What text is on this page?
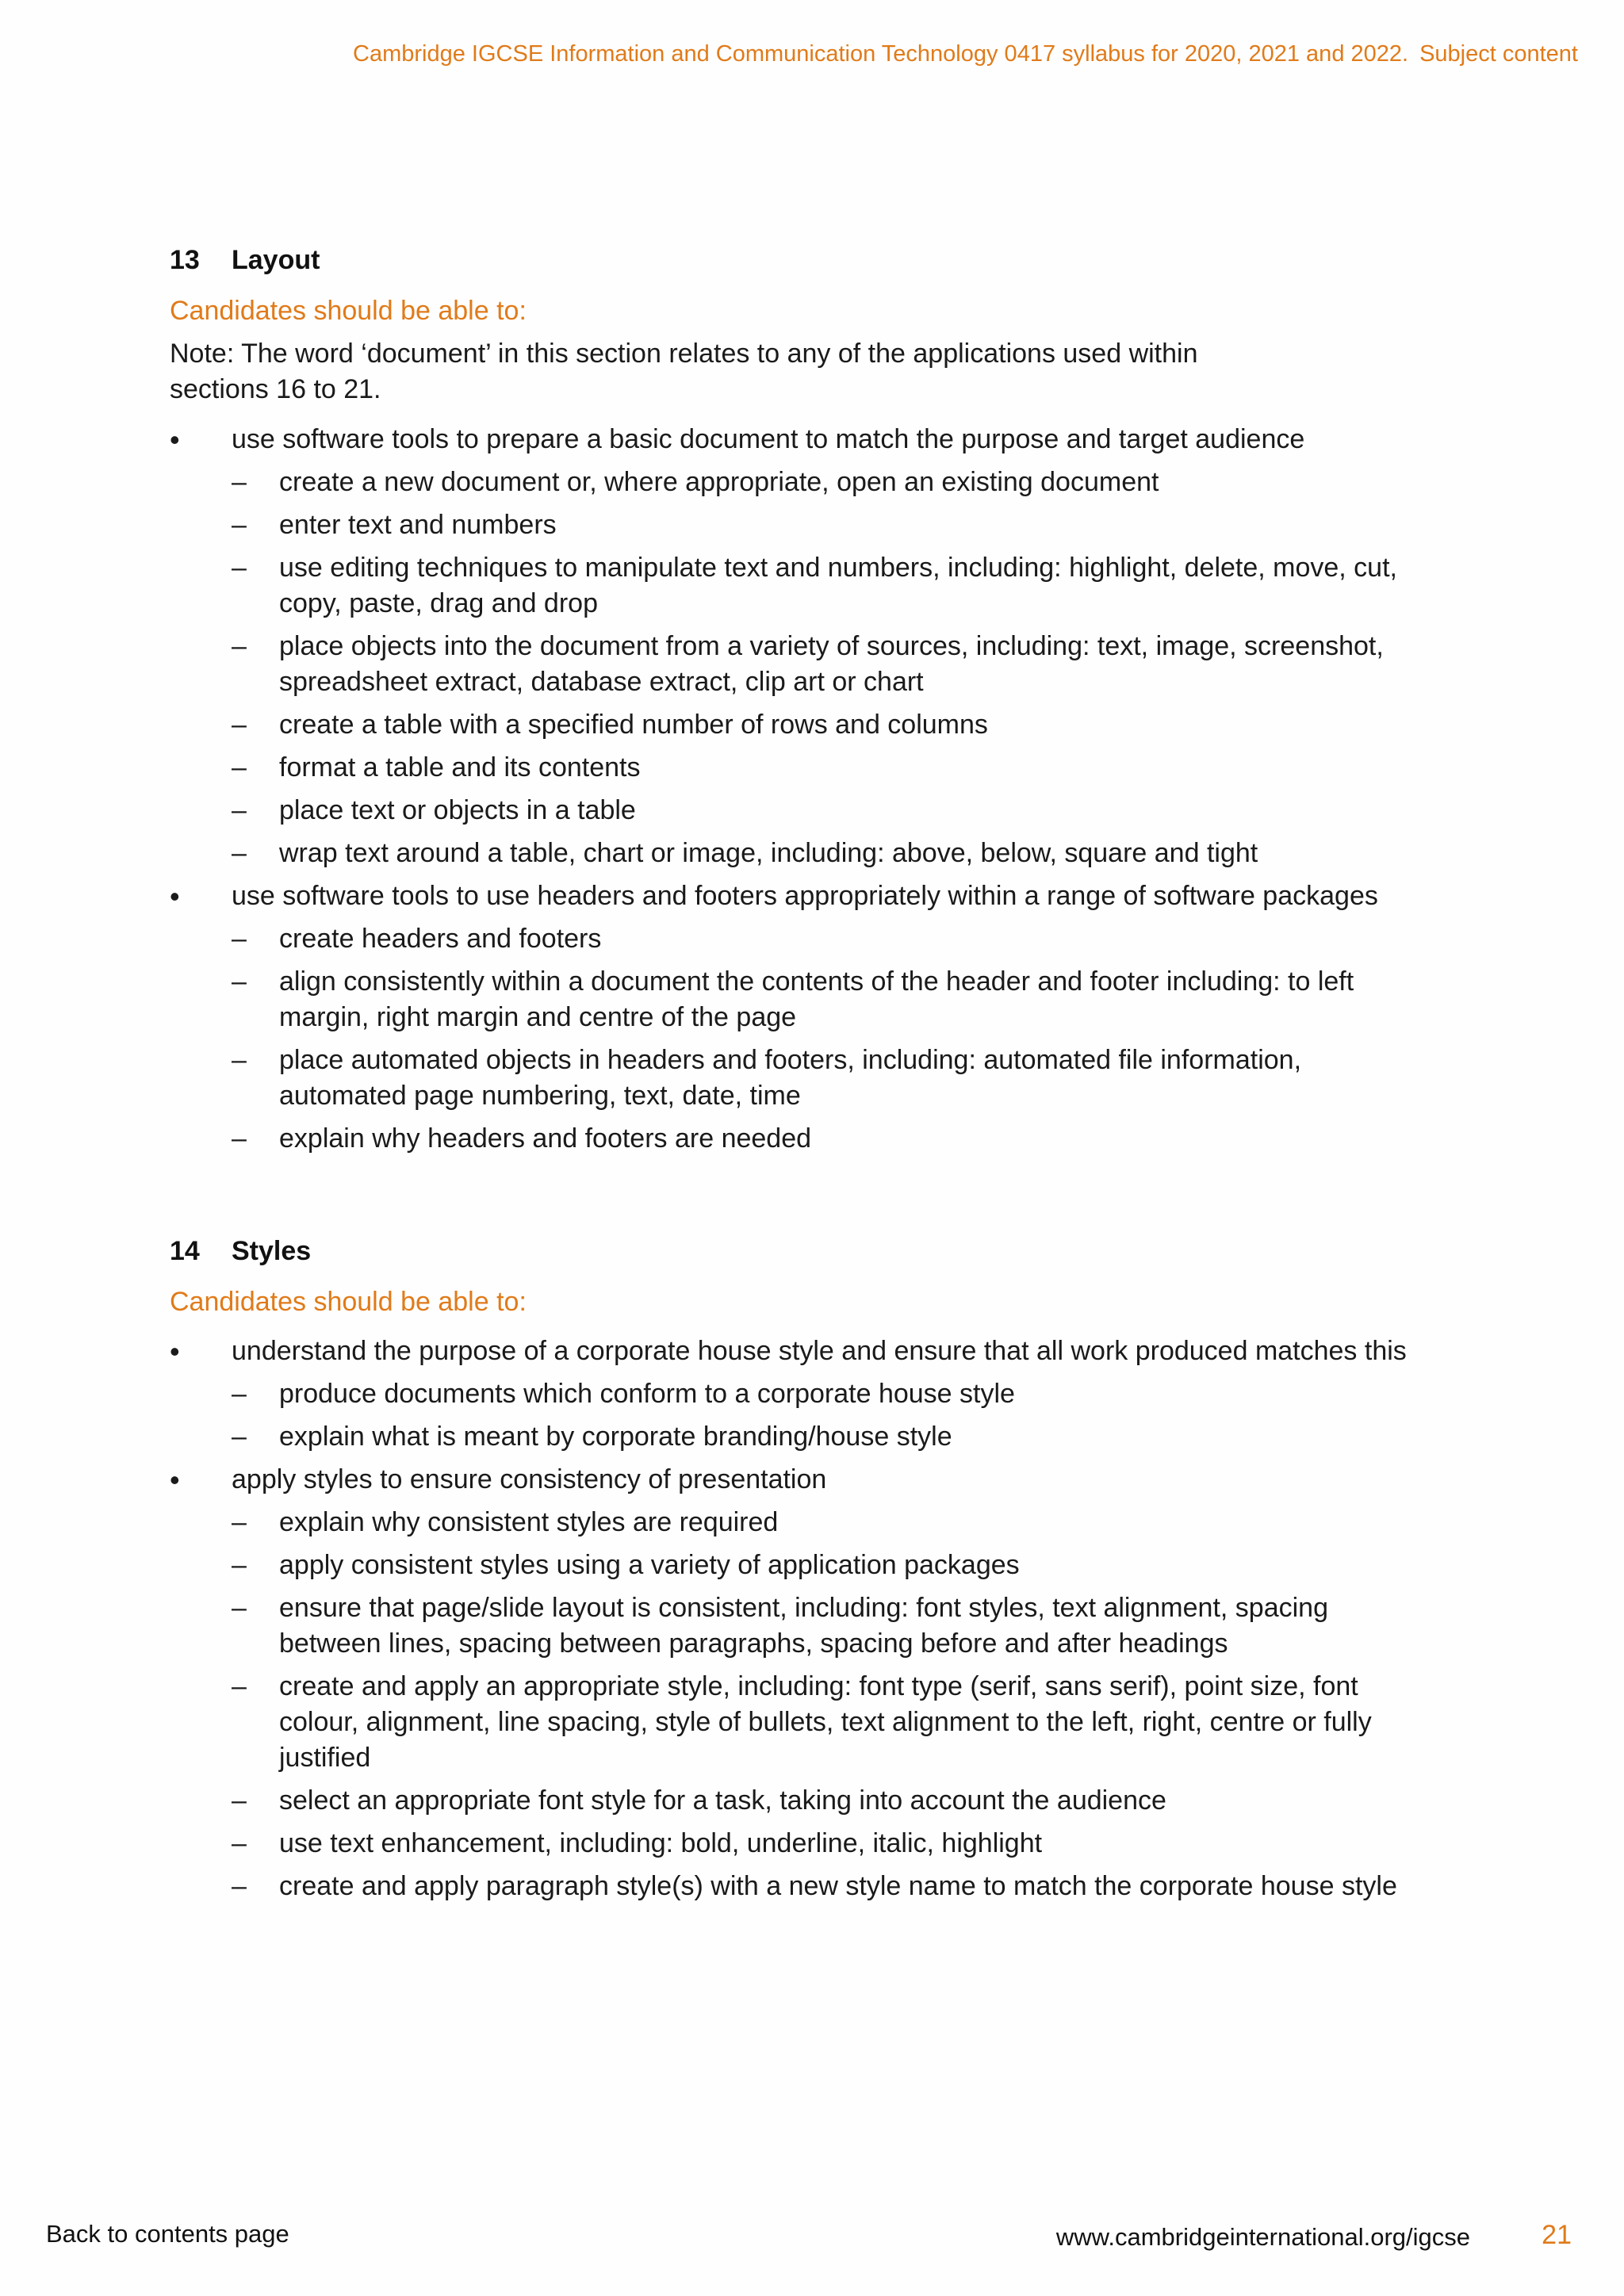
Cambridge IGCSE Information and Communication Technology 0417 syllabus for 2020, 2021 and 2022. Subject content
13 Layout
Candidates should be able to:
Note: The word ‘document’ in this section relates to any of the applications used within sections 16 to 21.
• use software tools to prepare a basic document to match the purpose and target audience
– create a new document or, where appropriate, open an existing document
– enter text and numbers
– use editing techniques to manipulate text and numbers, including: highlight, delete, move, cut, copy, paste, drag and drop
– place objects into the document from a variety of sources, including: text, image, screenshot, spreadsheet extract, database extract, clip art or chart
– create a table with a specified number of rows and columns
– format a table and its contents
– place text or objects in a table
– wrap text around a table, chart or image, including: above, below, square and tight
• use software tools to use headers and footers appropriately within a range of software packages
– create headers and footers
– align consistently within a document the contents of the header and footer including: to left margin, right margin and centre of the page
– place automated objects in headers and footers, including: automated file information, automated page numbering, text, date, time
– explain why headers and footers are needed
14 Styles
Candidates should be able to:
• understand the purpose of a corporate house style and ensure that all work produced matches this
– produce documents which conform to a corporate house style
– explain what is meant by corporate branding/house style
• apply styles to ensure consistency of presentation
– explain why consistent styles are required
– apply consistent styles using a variety of application packages
– ensure that page/slide layout is consistent, including: font styles, text alignment, spacing between lines, spacing between paragraphs, spacing before and after headings
– create and apply an appropriate style, including: font type (serif, sans serif), point size, font colour, alignment, line spacing, style of bullets, text alignment to the left, right, centre or fully justified
– select an appropriate font style for a task, taking into account the audience
– use text enhancement, including: bold, underline, italic, highlight
– create and apply paragraph style(s) with a new style name to match the corporate house style
Back to contents page	www.cambridgeinternational.org/igcse	21
